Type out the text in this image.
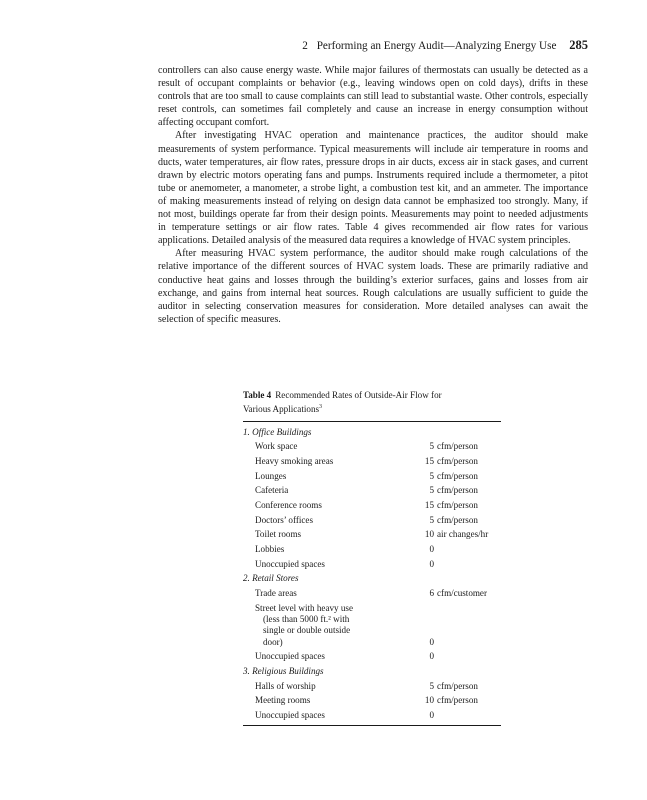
2 Performing an Energy Audit—Analyzing Energy Use 285

controllers can also cause energy waste. While major failures of thermostats can usually be detected as a result of occupant complaints or behavior (e.g., leaving windows open on cold days), drifts in these controls that are too small to cause complaints can still lead to substantial waste. Other controls, especially reset controls, can sometimes fail completely and cause an increase in energy consumption without affecting occupant comfort.

After investigating HVAC operation and maintenance practices, the auditor should make measurements of system performance. Typical measurements will include air temperature in rooms and ducts, water temperatures, air flow rates, pressure drops in air ducts, excess air in stack gases, and current drawn by electric motors operating fans and pumps. Instruments required include a thermometer, a pitot tube or anemometer, a manometer, a strobe light, a combustion test kit, and an ammeter. The importance of making measurements instead of relying on design data cannot be emphasized too strongly. Many, if not most, buildings operate far from their design points. Measurements may point to needed adjustments in temperature settings or air flow rates. Table 4 gives recommended air flow rates for various applications. Detailed analysis of the measured data requires a knowledge of HVAC system principles.

After measuring HVAC system performance, the auditor should make rough calculations of the relative importance of the different sources of HVAC system loads. These are primarily radiative and conductive heat gains and losses through the building’s exterior surfaces, gains and losses from air exchange, and gains from internal heat sources. Rough calculations are usually sufficient to guide the auditor in selecting conservation measures for consideration. More detailed analyses can await the selection of specific measures.

Table 4 Recommended Rates of Outside-Air Flow for
Various Applications$^3$
1. Office Buildings
Work space	5 cfm/person
Heavy smoking areas	15 cfm/person
Lounges	5 cfm/person
Cafeteria	5 cfm/person
Conference rooms	15 cfm/person
Doctors’ offices	5 cfm/person
Toilet rooms	10 air changes/hr
Lobbies	0
Unoccupied spaces	0
2. Retail Stores
Trade areas	6 cfm/customer
Street level with heavy use
(less than 5000 ft.² with
single or double outside
door)	0
Unoccupied spaces	0
3. Religious Buildings
Halls of worship	5 cfm/person
Meeting rooms	10 cfm/person
Unoccupied spaces	0
